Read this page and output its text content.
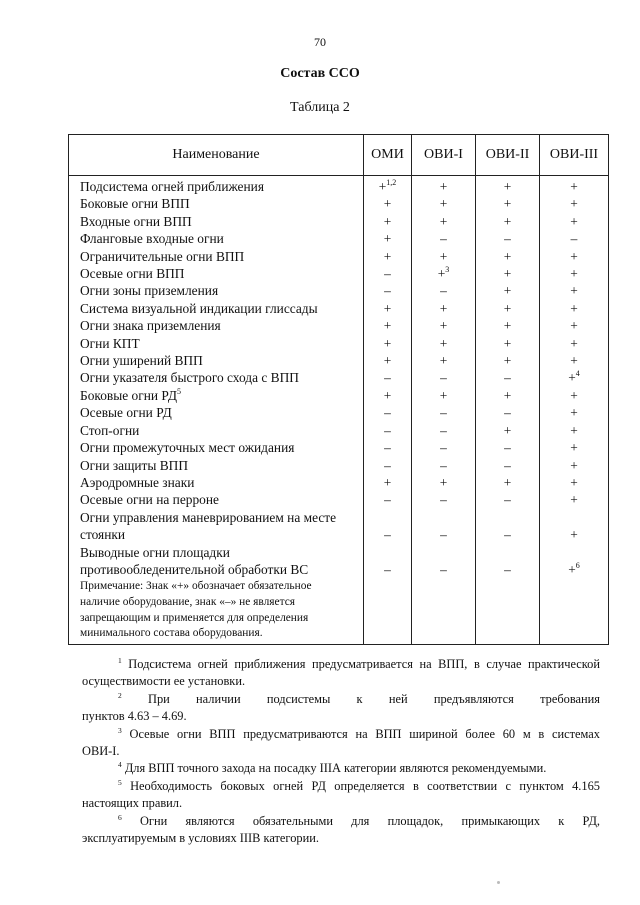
70
Состав ССО
Таблица 2
Наименование	ОМИ	ОВИ-I	ОВИ-II	ОВИ-III
Подсистема огней приближения	+$^{1,2}$	+	+	+
Боковые огни ВПП	+	+	+	+
Входные огни ВПП	+	+	+	+
Фланговые входные огни	+	–	–	–
Ограничительные огни ВПП	+	+	+	+
Осевые огни ВПП	–	+$^3$	+	+
Огни зоны приземления	–	–	+	+
Система визуальной индикации глиссады	+	+	+	+
Огни знака приземления	+	+	+	+
Огни КПТ	+	+	+	+
Огни уширений ВПП	+	+	+	+
Огни указателя быстрого схода с ВПП	–	–	–	+$^4$
Боковые огни $РД^5$	+	+	+	+
Осевые огни РД	–	–	–	+
Стоп-огни	–	–	+	+
Огни промежуточных мест ожидания	–	–	–	+
Огни защиты ВПП	–	–	–	+
Аэродромные знаки	+	+	+	+
Осевые огни на перроне	–	–	–	+
Огни управления маневрированием на месте стоянки	–	–	–	+
Выводные огни площадки противообледенительной обработки ВС	–	–	–	+$^6$

Примечание: Знак «+» обозначает обязательное
наличие оборудование, знак «–» не является
запрещающим и применяется для определения
минимального состава оборудования.				

$^1$ Подсистема огней приближения предусматривается на ВПП, в случае практической
осуществимости ее установки.
$^2$ При наличии подсистемы к ней предъявляются требования
пунктов 4.63 – 4.69.
$^3$ Осевые огни ВПП предусматриваются на ВПП шириной более 60 м в системах
ОВИ-I.
$^4$ Для ВПП точного захода на посадку IIIА категории являются рекомендуемыми.
$^5$ Необходимость боковых огней РД определяется в соответствии с пунктом 4.165
настоящих правил.
$^6$ Огни являются обязательными для площадок, примыкающих к РД,
эксплуатируемым в условиях IIIВ категории.
